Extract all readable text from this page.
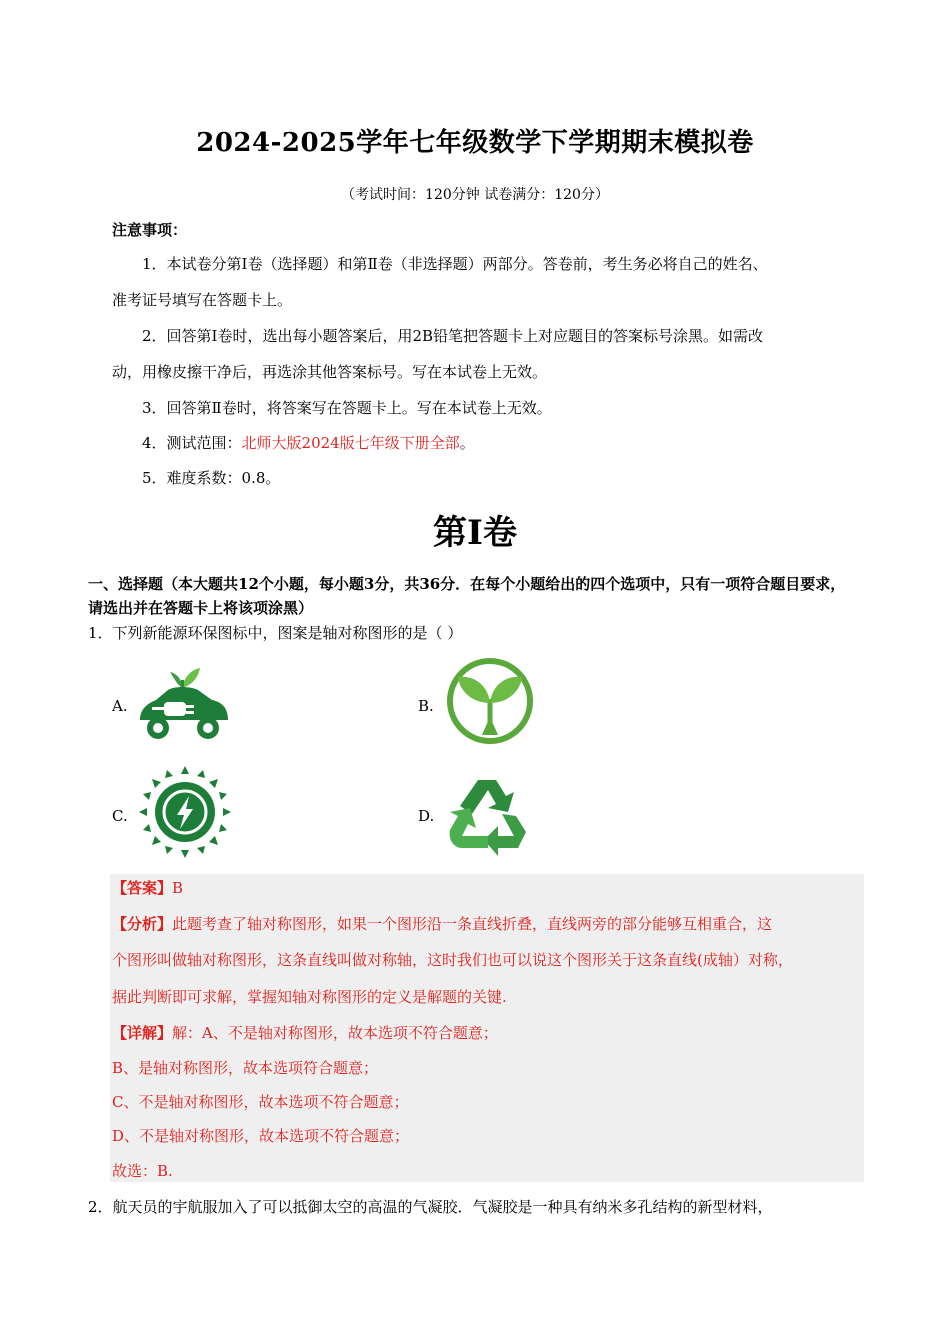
2024-2025学年七年级数学下学期期末模拟卷
（考试时间：120分钟 试卷满分：120分）
注意事项：
1．本试卷分第Ⅰ卷（选择题）和第Ⅱ卷（非选择题）两部分。答卷前，考生务必将自己的姓名、
准考证号填写在答题卡上。
2．回答第Ⅰ卷时，选出每小题答案后，用2B铅笔把答题卡上对应题目的答案标号涂黑。如需改
动，用橡皮擦干净后，再选涂其他答案标号。写在本试卷上无效。
3．回答第Ⅱ卷时，将答案写在答题卡上。写在本试卷上无效。
4．测试范围：北师大版2024版七年级下册全部。
5．难度系数：0.8。
第Ⅰ卷
一、选择题（本大题共12个小题，每小题3分，共36分．在每个小题给出的四个选项中，只有一项符合题目要求，请选出并在答题卡上将该项涂黑）
1．下列新能源环保图标中，图案是轴对称图形的是（ ）
A.	B.
C.	D.
【答案】B
【分析】此题考查了轴对称图形，如果一个图形沿一条直线折叠，直线两旁的部分能够互相重合，这
个图形叫做轴对称图形，这条直线叫做对称轴，这时我们也可以说这个图形关于这条直线(成轴）对称，
据此判断即可求解，掌握知轴对称图形的定义是解题的关键.
【详解】解：A、不是轴对称图形，故本选项不符合题意；
B、是轴对称图形，故本选项符合题意；
C、不是轴对称图形，故本选项不符合题意；
D、不是轴对称图形，故本选项不符合题意；
故选：B.
2．航天员的宇航服加入了可以抵御太空的高温的气凝胶．气凝胶是一种具有纳米多孔结构的新型材料，
